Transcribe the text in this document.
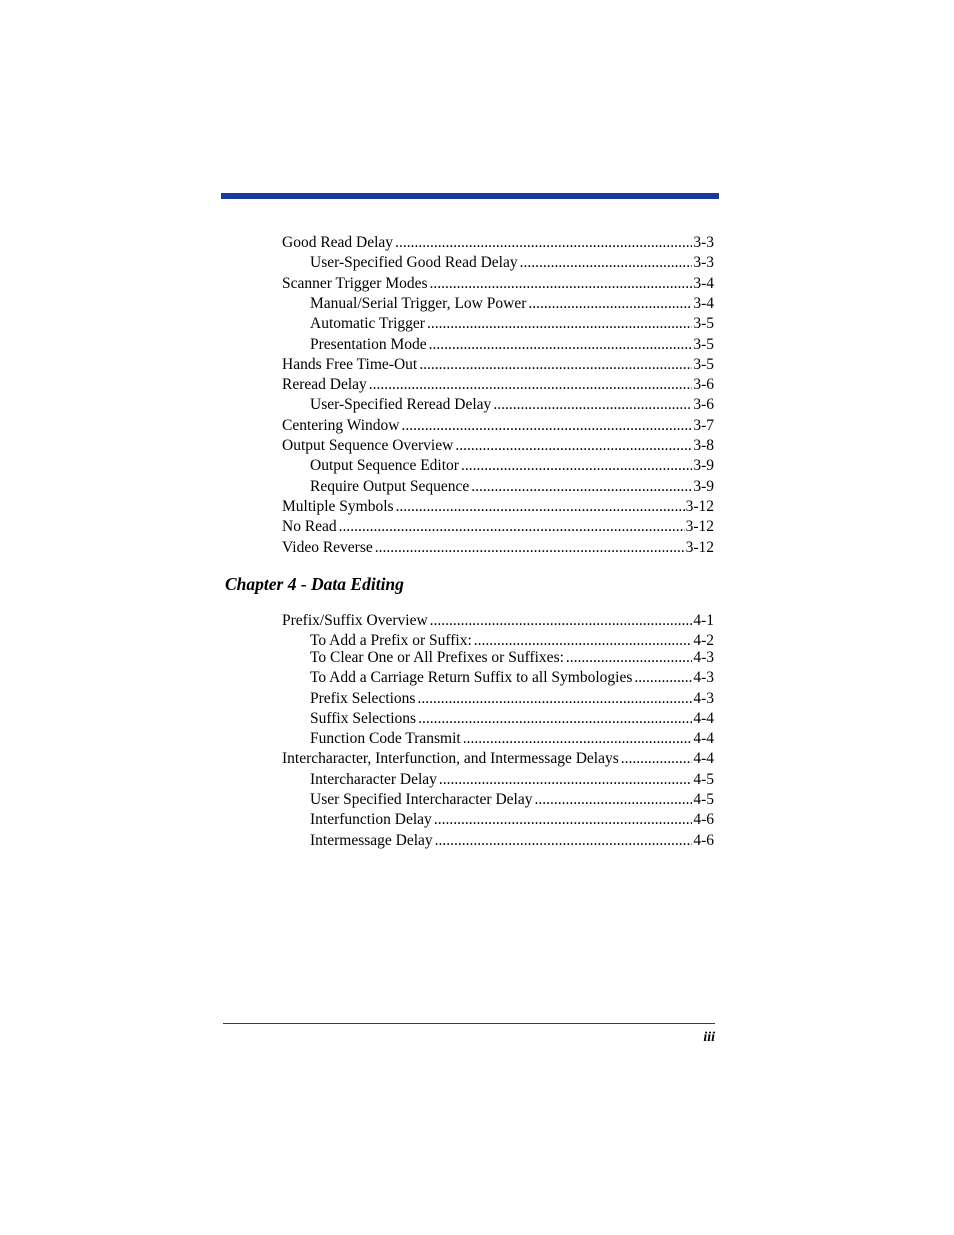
Chapter 4 - Data Editing
iii
Good Read Delay .....	3-3
User-Specified Good Read Delay .....	3-3
Scanner Trigger Modes .....	3-4
Manual/Serial Trigger, Low Power .....	3-4
Automatic Trigger .....	3-5
Presentation Mode .....	3-5
Hands Free Time-Out .....	3-5
Reread Delay .....	3-6
User-Specified Reread Delay .....	3-6
Centering Window .....	3-7
Output Sequence Overview .....	3-8
Output Sequence Editor .....	3-9
Require Output Sequence .....	3-9
Multiple Symbols .....	3-12
No Read .....	3-12
Video Reverse .....	3-12
Prefix/Suffix Overview .....	4-1
To Add a Prefix or Suffix: .....	4-2
To Clear One or All Prefixes or Suffixes: .....	4-3
To Add a Carriage Return Suffix to all Symbologies .....	4-3
Prefix Selections .....	4-3
Suffix Selections .....	4-4
Function Code Transmit .....	4-4
Intercharacter, Interfunction, and Intermessage Delays .....	4-4
Intercharacter Delay .....	4-5
User Specified Intercharacter Delay .....	4-5
Interfunction Delay .....	4-6
Intermessage Delay .....	4-6
